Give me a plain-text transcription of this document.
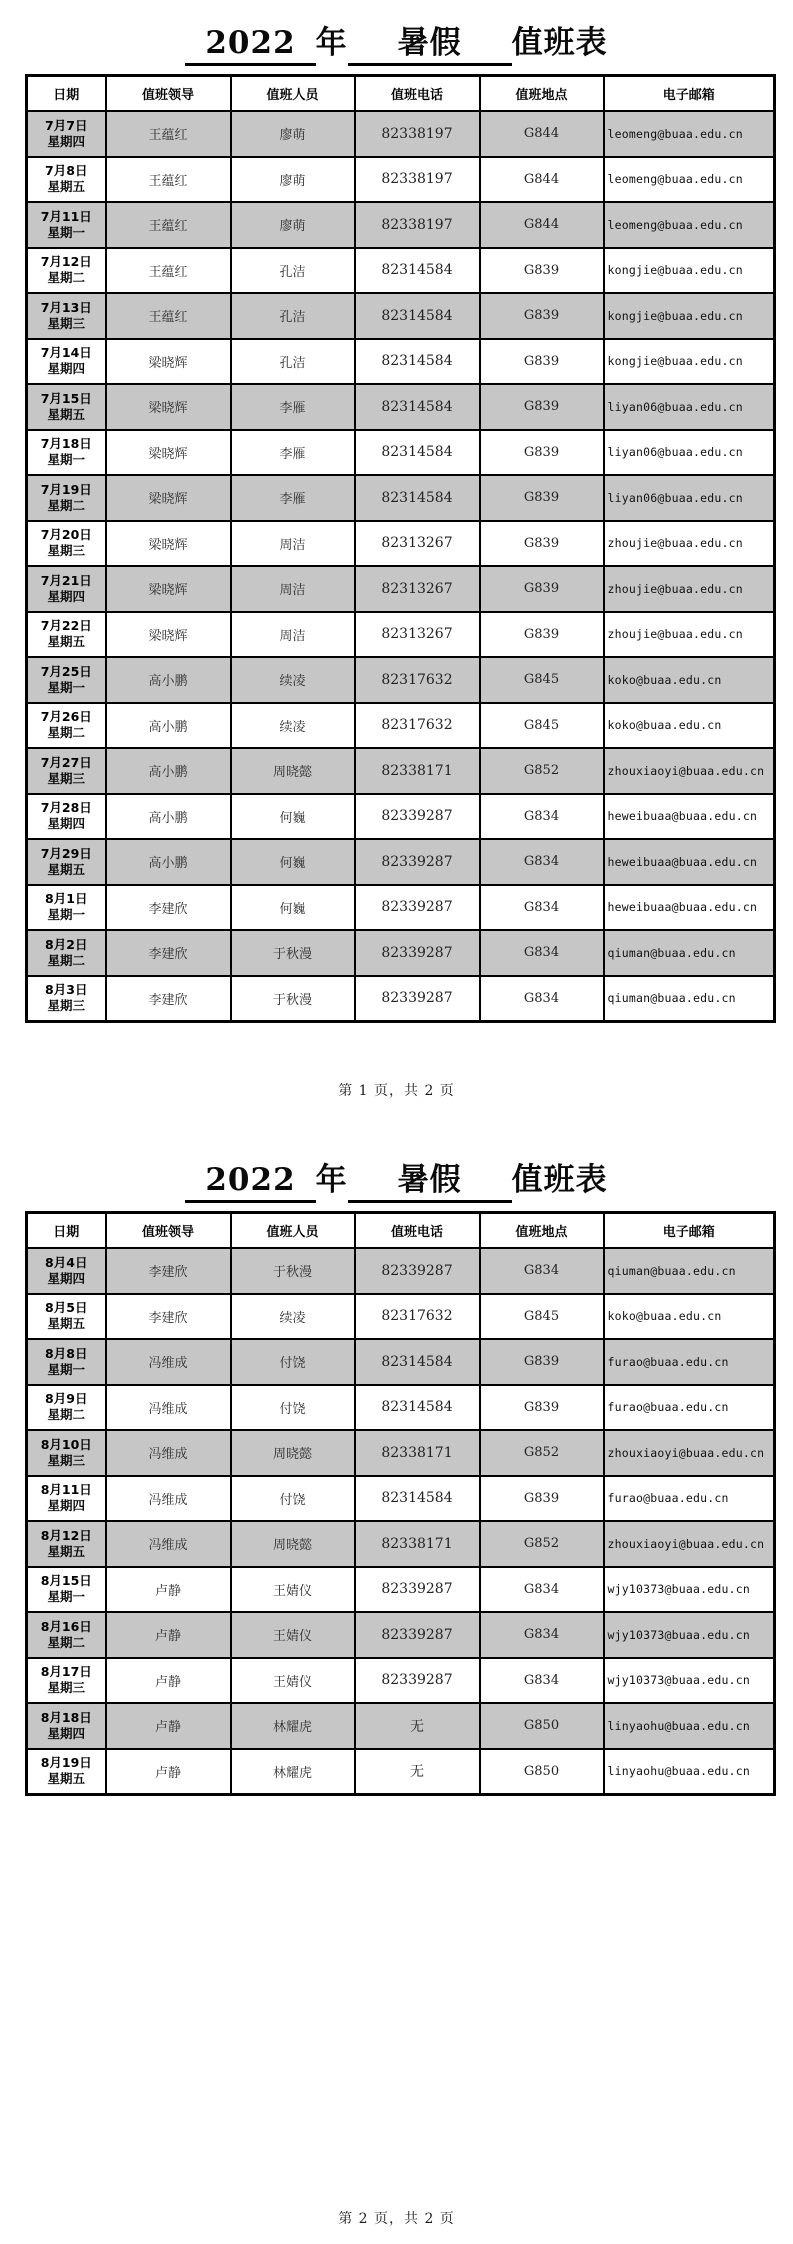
2022 年 暑假 值班表
日期	值班领导	值班人员	值班电话	值班地点	电子邮箱

7月7日
星期四	王蕴红	廖萌	82338197	G844	leomeng@buaa.edu.cn

7月8日
星期五	王蕴红	廖萌	82338197	G844	leomeng@buaa.edu.cn

7月11日
星期一	王蕴红	廖萌	82338197	G844	leomeng@buaa.edu.cn

7月12日
星期二	王蕴红	孔洁	82314584	G839	kongjie@buaa.edu.cn

7月13日
星期三	王蕴红	孔洁	82314584	G839	kongjie@buaa.edu.cn

7月14日
星期四	梁晓辉	孔洁	82314584	G839	kongjie@buaa.edu.cn

7月15日
星期五	梁晓辉	李雁	82314584	G839	liyan06@buaa.edu.cn

7月18日
星期一	梁晓辉	李雁	82314584	G839	liyan06@buaa.edu.cn

7月19日
星期二	梁晓辉	李雁	82314584	G839	liyan06@buaa.edu.cn

7月20日
星期三	梁晓辉	周洁	82313267	G839	zhoujie@buaa.edu.cn

7月21日
星期四	梁晓辉	周洁	82313267	G839	zhoujie@buaa.edu.cn

7月22日
星期五	梁晓辉	周洁	82313267	G839	zhoujie@buaa.edu.cn

7月25日
星期一	高小鹏	续凌	82317632	G845	koko@buaa.edu.cn

7月26日
星期二	高小鹏	续凌	82317632	G845	koko@buaa.edu.cn

7月27日
星期三	高小鹏	周晓懿	82338171	G852	zhouxiaoyi@buaa.edu.cn

7月28日
星期四	高小鹏	何巍	82339287	G834	heweibuaa@buaa.edu.cn

7月29日
星期五	高小鹏	何巍	82339287	G834	heweibuaa@buaa.edu.cn

8月1日
星期一	李建欣	何巍	82339287	G834	heweibuaa@buaa.edu.cn

8月2日
星期二	李建欣	于秋漫	82339287	G834	qiuman@buaa.edu.cn

8月3日
星期三	李建欣	于秋漫	82339287	G834	qiuman@buaa.edu.cn
第 1 页，共 2 页
2022 年 暑假 值班表
日期	值班领导	值班人员	值班电话	值班地点	电子邮箱

8月4日
星期四	李建欣	于秋漫	82339287	G834	qiuman@buaa.edu.cn

8月5日
星期五	李建欣	续凌	82317632	G845	koko@buaa.edu.cn

8月8日
星期一	冯维成	付饶	82314584	G839	furao@buaa.edu.cn

8月9日
星期二	冯维成	付饶	82314584	G839	furao@buaa.edu.cn

8月10日
星期三	冯维成	周晓懿	82338171	G852	zhouxiaoyi@buaa.edu.cn

8月11日
星期四	冯维成	付饶	82314584	G839	furao@buaa.edu.cn

8月12日
星期五	冯维成	周晓懿	82338171	G852	zhouxiaoyi@buaa.edu.cn

8月15日
星期一	卢静	王婧仪	82339287	G834	wjy10373@buaa.edu.cn

8月16日
星期二	卢静	王婧仪	82339287	G834	wjy10373@buaa.edu.cn

8月17日
星期三	卢静	王婧仪	82339287	G834	wjy10373@buaa.edu.cn

8月18日
星期四	卢静	林耀虎	无	G850	linyaohu@buaa.edu.cn

8月19日
星期五	卢静	林耀虎	无	G850	linyaohu@buaa.edu.cn
第 2 页，共 2 页
